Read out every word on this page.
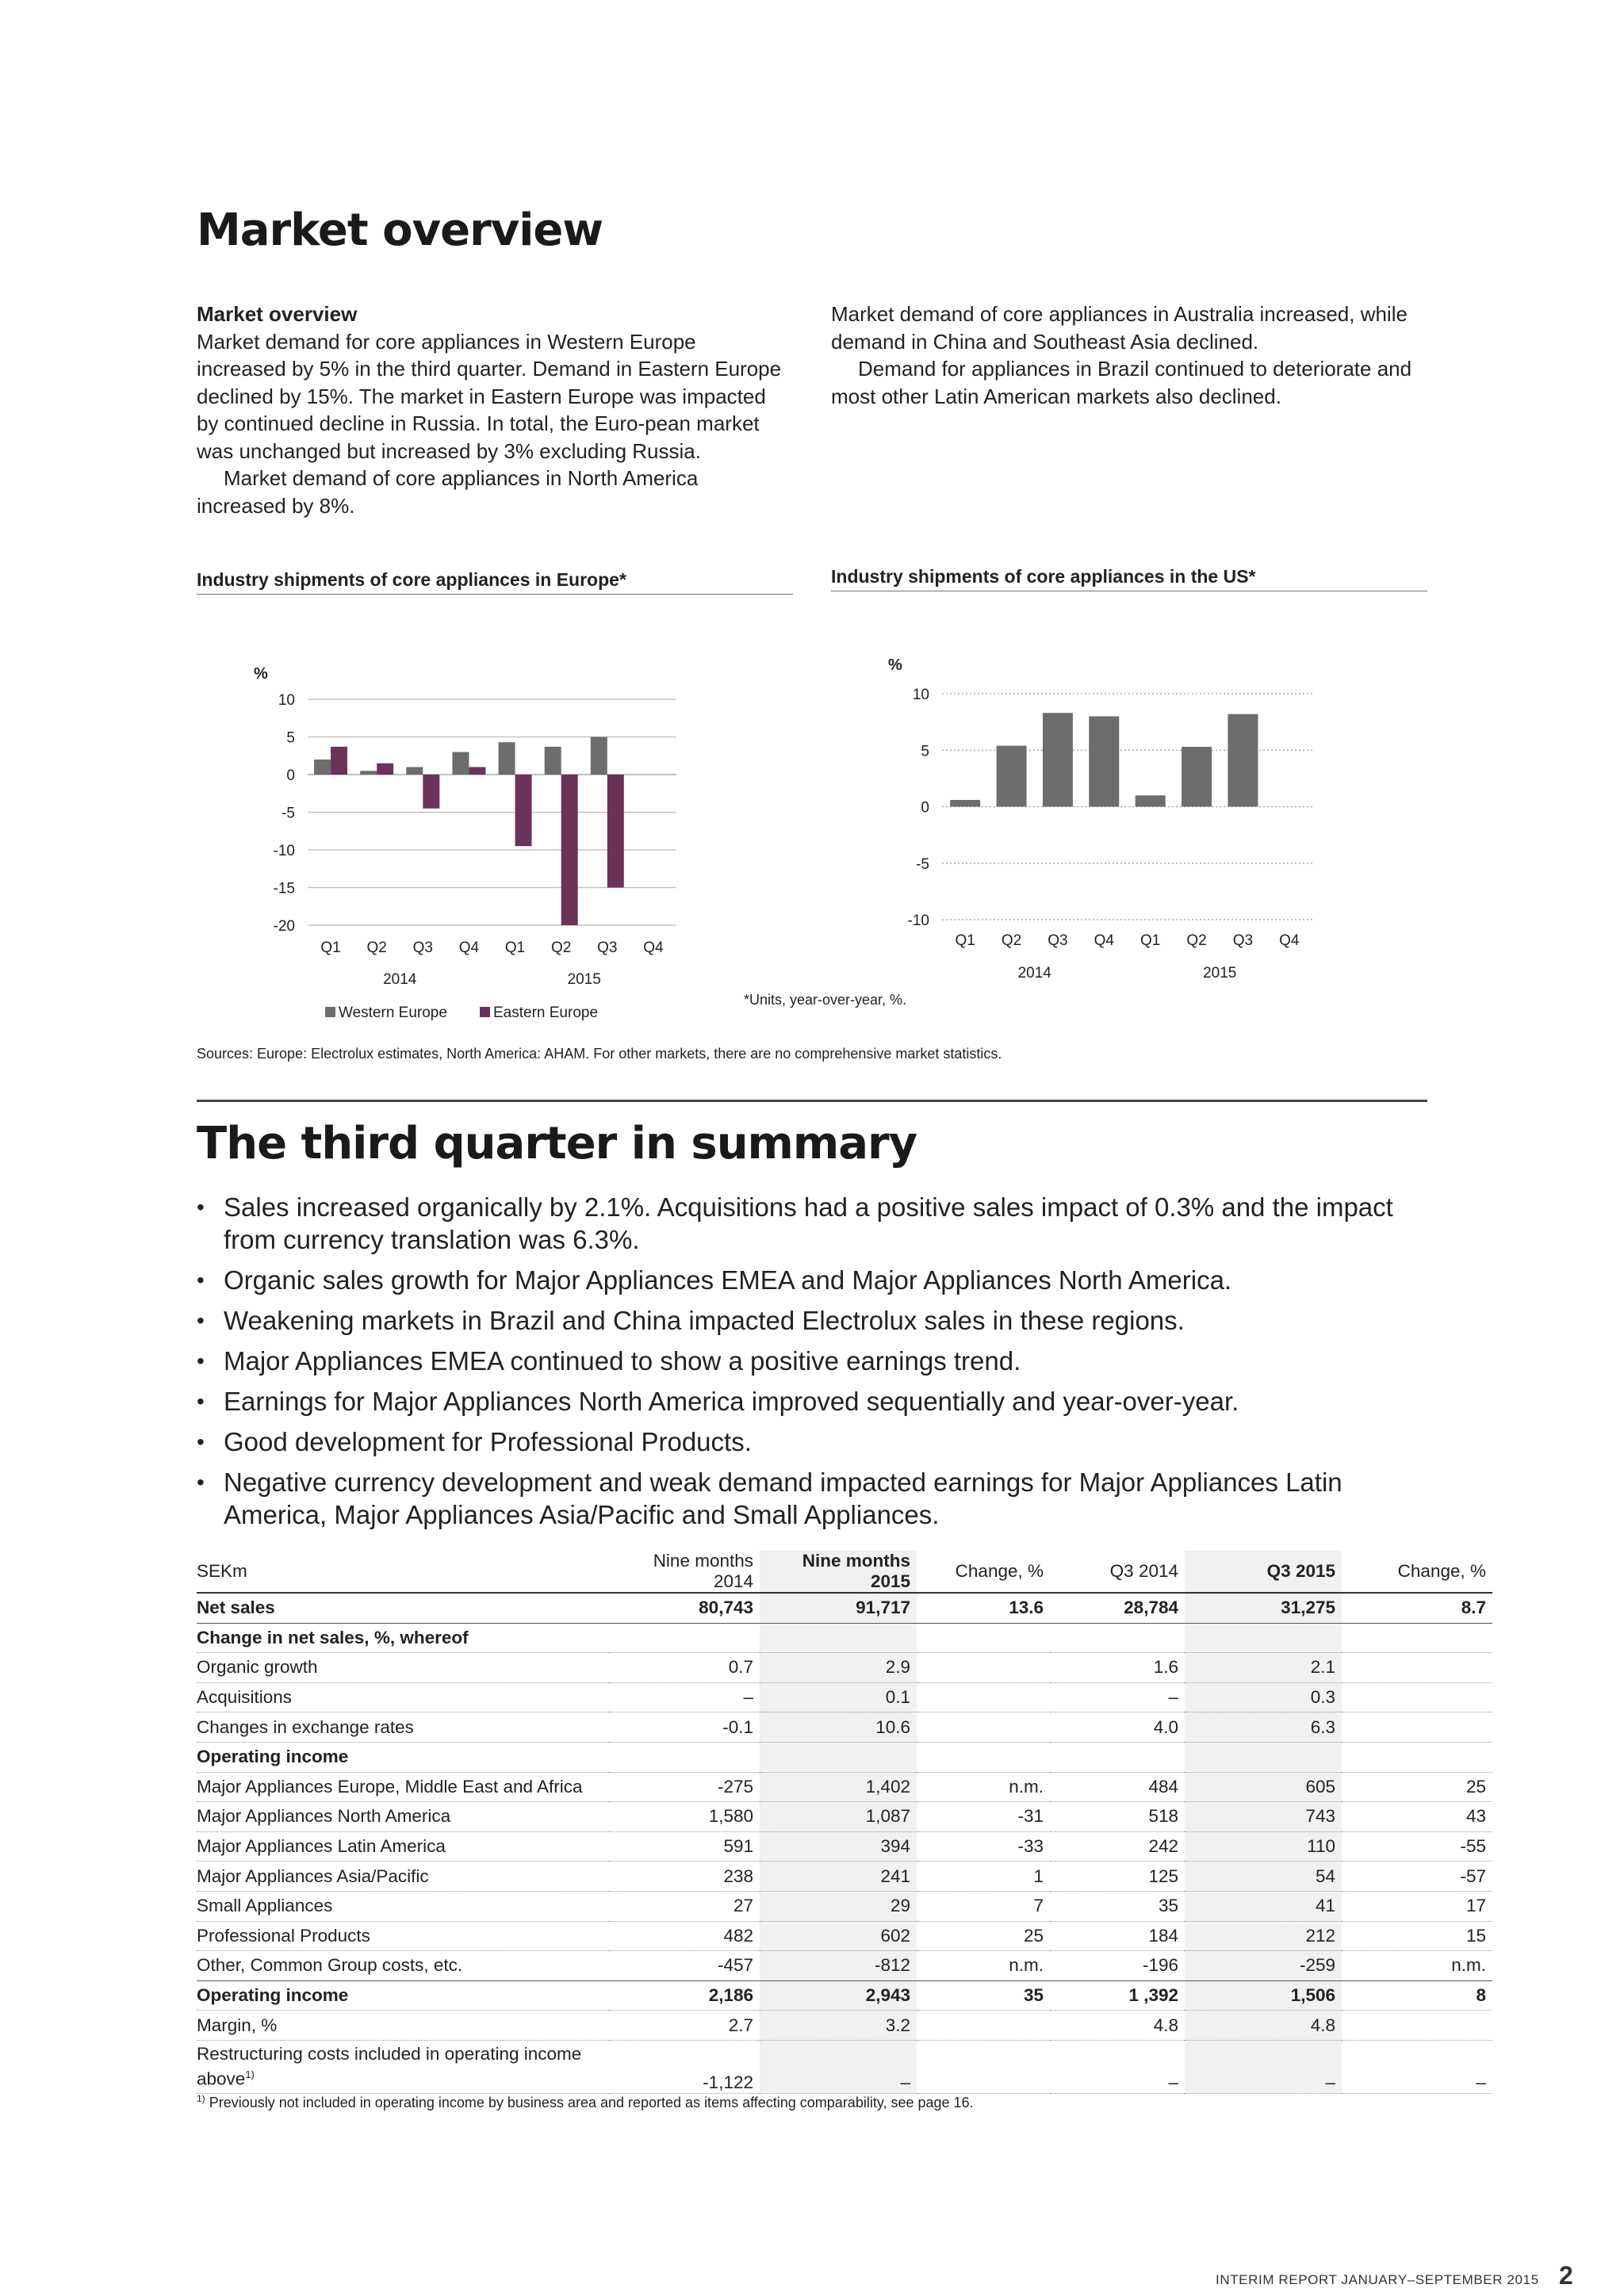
Market overview

Market overview

Market demand for core appliances in Western Europe increased by 5% in the third quarter. Demand in Eastern Europe declined by 15%. The market in Eastern Europe was impacted by continued decline in Russia. In total, the Euro-pean market was unchanged but increased by 3% excluding Russia.

Market demand of core appliances in North America increased by 8%.

Market demand of core appliances in Australia increased, while demand in China and Southeast Asia declined.

Demand for appliances in Brazil continued to deteriorate and most other Latin American markets also declined.

Industry shipments of core appliances in Europe*	Industry shipments of core appliances in the US*
%
10
5
0
-5
-10
-15
-20
Q1 Q2 Q3 Q4 Q1 Q2 Q3 Q4
2014	2015
Western Europe	Eastern Europe
%
10
5
0
-5
-10
Q1 Q2 Q3 Q4 Q1 Q2 Q3 Q4
2014	2015
*Units, year-over-year, %.
Sources: Europe: Electrolux estimates, North America: AHAM. For other markets, there are no comprehensive market statistics.
The third quarter in summary
• Sales increased organically by 2.1%. Acquisitions had a positive sales impact of 0.3% and the impact from currency translation was 6.3%.
• Organic sales growth for Major Appliances EMEA and Major Appliances North America.
• Weakening markets in Brazil and China impacted Electrolux sales in these regions.
• Major Appliances EMEA continued to show a positive earnings trend.
• Earnings for Major Appliances North America improved sequentially and year-over-year.
• Good development for Professional Products.
• Negative currency development and weak demand impacted earnings for Major Appliances Latin America, Major Appliances Asia/Pacific and Small Appliances.
SEKm	Nine months 2014	Nine months 2015	Change, %	Q3 2014	Q3 2015	Change, %
Net sales	80,743	91,717	13.6	28,784	31,275	8.7
Change in net sales, %, whereof						
Organic growth	0.7	2.9		1.6	2.1	
Acquisitions	–	0.1		–	0.3	
Changes in exchange rates	-0.1	10.6		4.0	6.3	
Operating income						
Major Appliances Europe, Middle East and Africa	-275	1,402	n.m.	484	605	25
Major Appliances North America	1,580	1,087	-31	518	743	43
Major Appliances Latin America	591	394	-33	242	110	-55
Major Appliances Asia/Pacific	238	241	1	125	54	-57
Small Appliances	27	29	7	35	41	17
Professional Products	482	602	25	184	212	15
Other, Common Group costs, etc.	-457	-812	n.m.	-196	-259	n.m.
Operating income	2,186	2,943	35	1 ,392	1,506	8
Margin, %	2.7	3.2		4.8	4.8	
Restructuring costs included in operating income above$^{1)}$	-1,122	–		–	–	–
$^{1)}$ Previously not included in operating income by business area and reported as items affecting comparability, see page 16.
INTERIM REPORT JANUARY–SEPTEMBER 2015 2
